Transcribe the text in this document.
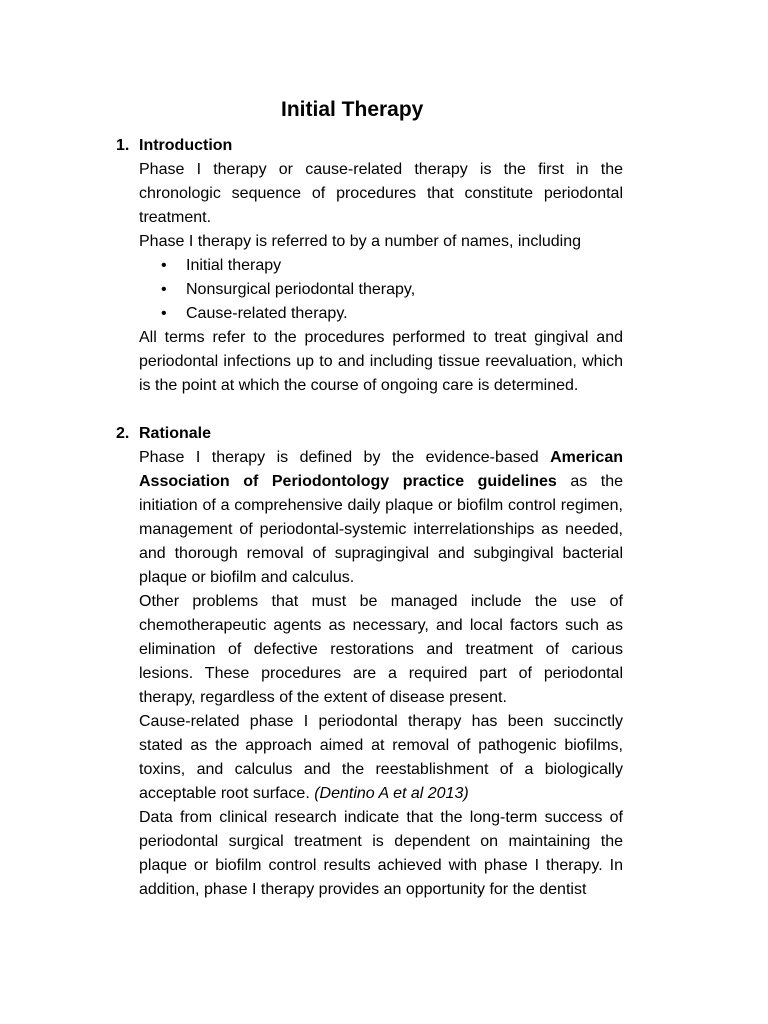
Initial Therapy
1. Introduction

Phase I therapy or cause-related therapy is the first in the chronologic sequence of procedures that constitute periodontal treatment.

Phase I therapy is referred to by a number of names, including

• Initial therapy
• Nonsurgical periodontal therapy,
• Cause-related therapy.

All terms refer to the procedures performed to treat gingival and periodontal infections up to and including tissue reevaluation, which is the point at which the course of ongoing care is determined.

2. Rationale

Phase I therapy is defined by the evidence-based American Association of Periodontology practice guidelines as the initiation of a comprehensive daily plaque or biofilm control regimen, management of periodontal-systemic interrelationships as needed, and thorough removal of supragingival and subgingival bacterial plaque or biofilm and calculus.

Other problems that must be managed include the use of chemotherapeutic agents as necessary, and local factors such as elimination of defective restorations and treatment of carious lesions. These procedures are a required part of periodontal therapy, regardless of the extent of disease present.

Cause-related phase I periodontal therapy has been succinctly stated as the approach aimed at removal of pathogenic biofilms, toxins, and calculus and the reestablishment of a biologically acceptable root surface. (Dentino A et al 2013)

Data from clinical research indicate that the long-term success of periodontal surgical treatment is dependent on maintaining the plaque or biofilm control results achieved with phase I therapy. In addition, phase I therapy provides an opportunity for the dentist
